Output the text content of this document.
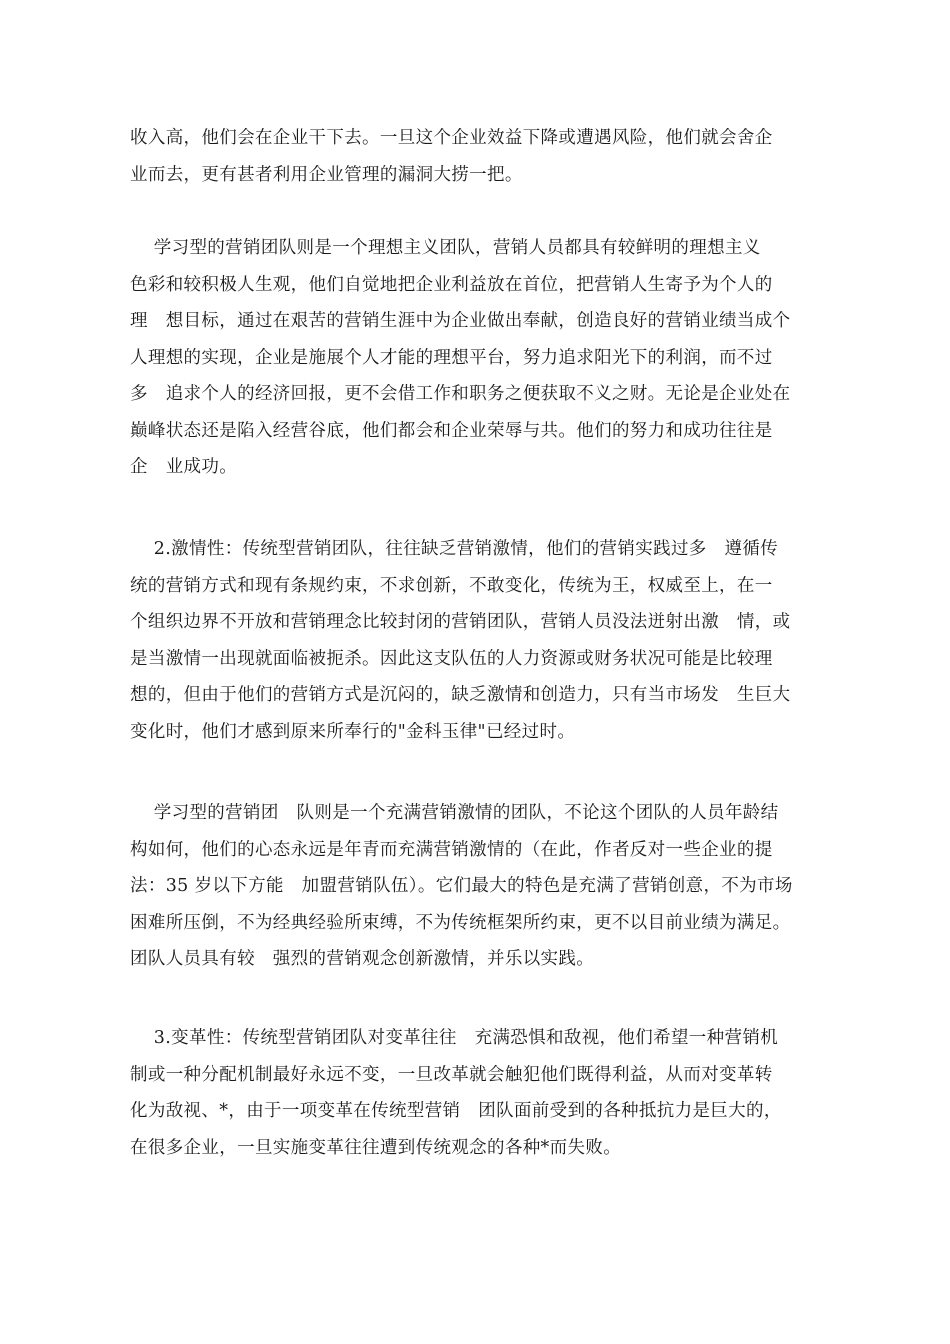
收入高，他们会在企业干下去。一旦这个企业效益下降或遭遇风险，他们就会舍企
业而去，更有甚者利用企业管理的漏洞大捞一把。
　 学习型的营销团队则是一个理想主义团队，营销人员都具有较鲜明的理想主义
色彩和较积极人生观，他们自觉地把企业利益放在首位，把营销人生寄予为个人的
理　想目标，通过在艰苦的营销生涯中为企业做出奉献，创造良好的营销业绩当成个
人理想的实现，企业是施展个人才能的理想平台，努力追求阳光下的利润，而不过
多　追求个人的经济回报，更不会借工作和职务之便获取不义之财。无论是企业处在
巅峰状态还是陷入经营谷底，他们都会和企业荣辱与共。他们的努力和成功往往是
企　业成功。
　 2.激情性：传统型营销团队，往往缺乏营销激情，他们的营销实践过多　遵循传
统的营销方式和现有条规约束，不求创新，不敢变化，传统为王，权威至上，在一
个组织边界不开放和营销理念比较封闭的营销团队，营销人员没法迸射出激　情，或
是当激情一出现就面临被扼杀。因此这支队伍的人力资源或财务状况可能是比较理
想的，但由于他们的营销方式是沉闷的，缺乏激情和创造力，只有当市场发　生巨大
变化时，他们才感到原来所奉行的"金科玉律"已经过时。
　 学习型的营销团　队则是一个充满营销激情的团队，不论这个团队的人员年龄结
构如何，他们的心态永远是年青而充满营销激情的（在此，作者反对一些企业的提
法：35 岁以下方能　加盟营销队伍）。它们最大的特色是充满了营销创意，不为市场
困难所压倒，不为经典经验所束缚，不为传统框架所约束，更不以目前业绩为满足。
团队人员具有较　强烈的营销观念创新激情，并乐以实践。
　 3.变革性：传统型营销团队对变革往往　充满恐惧和敌视，他们希望一种营销机
制或一种分配机制最好永远不变，一旦改革就会触犯他们既得利益，从而对变革转
化为敌视、*，由于一项变革在传统型营销　团队面前受到的各种抵抗力是巨大的，
在很多企业，一旦实施变革往往遭到传统观念的各种*而失败。
